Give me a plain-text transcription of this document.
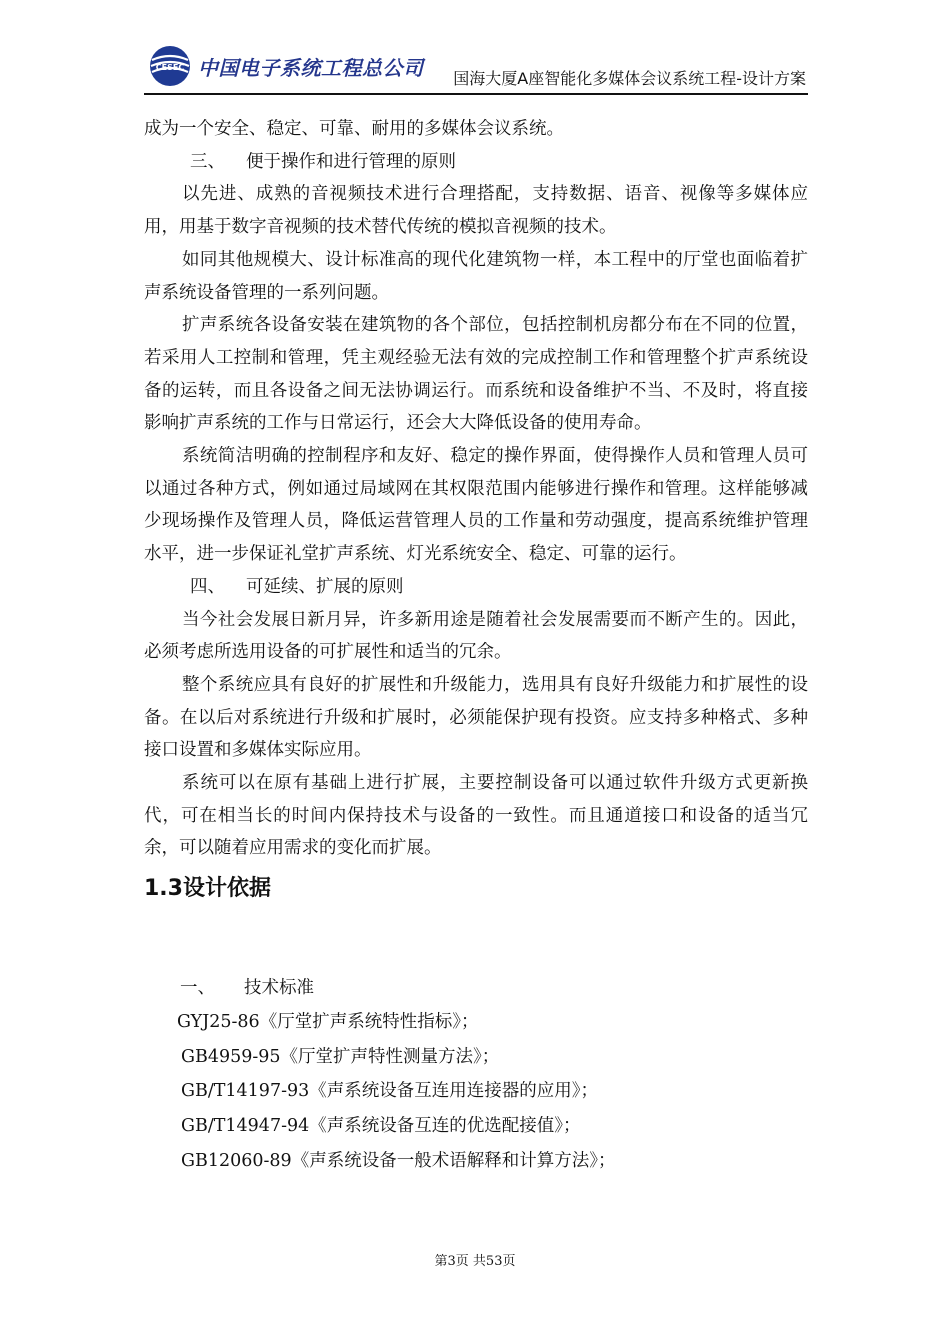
CESEC 中国电子系统工程总公司 国海大厦A座智能化多媒体会议系统工程-设计方案

成为一个安全、稳定、可靠、耐用的多媒体会议系统。

三、 便于操作和进行管理的原则

以先进、成熟的音视频技术进行合理搭配，支持数据、语音、视像等多媒体应用，用基于数字音视频的技术替代传统的模拟音视频的技术。

如同其他规模大、设计标准高的现代化建筑物一样，本工程中的厅堂也面临着扩声系统设备管理的一系列问题。

扩声系统各设备安装在建筑物的各个部位，包括控制机房都分布在不同的位置，若采用人工控制和管理，凭主观经验无法有效的完成控制工作和管理整个扩声系统设备的运转，而且各设备之间无法协调运行。而系统和设备维护不当、不及时，将直接影响扩声系统的工作与日常运行，还会大大降低设备的使用寿命。

系统简洁明确的控制程序和友好、稳定的操作界面，使得操作人员和管理人员可以通过各种方式，例如通过局域网在其权限范围内能够进行操作和管理。这样能够减少现场操作及管理人员，降低运营管理人员的工作量和劳动强度，提高系统维护管理水平，进一步保证礼堂扩声系统、灯光系统安全、稳定、可靠的运行。

四、 可延续、扩展的原则

当今社会发展日新月异，许多新用途是随着社会发展需要而不断产生的。因此，必须考虑所选用设备的可扩展性和适当的冗余。

整个系统应具有良好的扩展性和升级能力，选用具有良好升级能力和扩展性的设备。在以后对系统进行升级和扩展时，必须能保护现有投资。应支持多种格式、多种接口设置和多媒体实际应用。

系统可以在原有基础上进行扩展，主要控制设备可以通过软件升级方式更新换代，可在相当长的时间内保持技术与设备的一致性。而且通道接口和设备的适当冗余，可以随着应用需求的变化而扩展。

1.3设计依据
一、 技术标准
GYJ25-86《厅堂扩声系统特性指标》；
GB4959-95《厅堂扩声特性测量方法》；
GB/T14197-93《声系统设备互连用连接器的应用》；
GB/T14947-94《声系统设备互连的优选配接值》；
GB12060-89《声系统设备一般术语解释和计算方法》；
第3页 共53页
